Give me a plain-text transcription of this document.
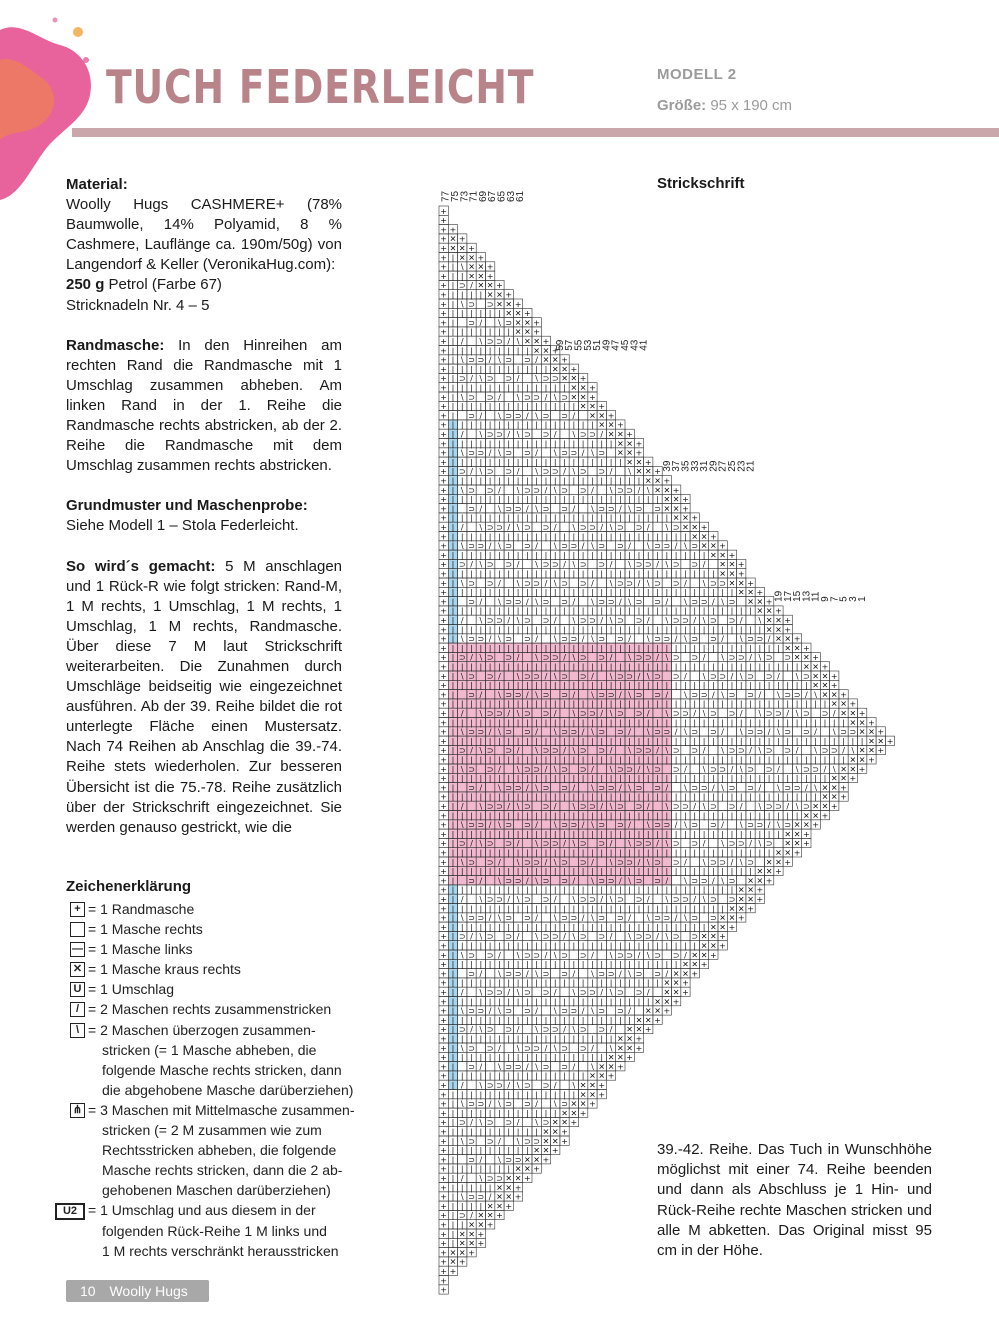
TUCH FEDERLEICHT	MODELL 2
Größe: 95 x 190 cm

Material:
Woolly Hugs CASHMERE+ (78% Baumwolle, 14% Polyamid, 8 % Cashmere, Lauflänge ca. 190m/50g) von Langendorf & Keller (VeronikaHug.com):
250 g Petrol (Farbe 67)
Stricknadeln Nr. 4 – 5

Randmasche: In den Hinreihen am rechten Rand die Randmasche mit 1 Umschlag zusammen abheben. Am linken Rand in der 1. Reihe die Randmasche rechts abstricken, ab der 2. Reihe die Randmasche mit dem Umschlag zusammen rechts abstricken.

Grundmuster und Maschenprobe:
Siehe Modell 1 – Stola Federleicht.

So wird´s gemacht: 5 M anschlagen und 1 Rück-R wie folgt stricken: Rand-M, 1 M rechts, 1 Umschlag, 1 M rechts, 1 Umschlag, 1 M rechts, Randmasche. Über diese 7 M laut Strickschrift weiterarbeiten. Die Zunahmen durch Umschläge beidseitig wie eingezeichnet ausführen. Ab der 39. Reihe bildet die rot unterlegte Fläche einen Mustersatz. Nach 74 Reihen ab Anschlag die 39.-74. Reihe stets wiederholen. Zur besseren Übersicht ist die 75.-78. Reihe zusätzlich über der Strickschrift eingezeichnet. Sie werden genauso gestrickt, wie die

Zeichenerklärung
+ = 1 Randmasche
= 1 Masche rechts
— = 1 Masche links
✕ = 1 Masche kraus rechts
U = 1 Umschlag
/ = 2 Maschen rechts zusammenstricken
\ = 2 Maschen überzogen zusammen-
stricken (= 1 Masche abheben, die
folgende Masche rechts stricken, dann
die abgehobene Masche darüberziehen)
⋔ = 3 Maschen mit Mittelmasche zusammen-
stricken (= 2 M zusammen wie zum
Rechtsstricken abheben, die folgende
Masche rechts stricken, dann die 2 ab-
gehobenen Maschen darüberziehen)
U2 = 1 Umschlag und aus diesem in der
folgenden Rück-Reihe 1 M links und
1 M rechts verschränkt herausstricken
10 Woolly Hugs
Strickschrift
+
+
+ +
+ ✕ +
+ ✕ ✕ +
+ | ✕ ✕ +
+ | \ ✕ ✕ +
+ | | ✕ ✕ +
+ | ⊃ / ✕ ✕ +
+ | | | | ✕ ✕ +
+ | \ ⊃ ⊃ ✕ ✕ +
+ | | | | | | ✕ ✕ +
+ | ⊃ / \ ⊃ ✕ ✕ +
+ | | | | | | | ✕ ✕ +
+ | / \ ⊃ ⊃ / \ ✕ ✕ +
+ | | | | | | | | | ✕ ✕ +
+ | \ ⊃ ⊃ / \ ⊃ ⊃ / ✕ ✕ +
+ | | | | | | | | | | | ✕ ✕ +
+ | ⊃ / \ ⊃ ⊃ / \ ⊃ ⊃ ✕ ✕ +
+ | | | | | | | | | | | | | ✕ ✕ +
+ | \ ⊃ ⊃ / \ ⊃ ⊃ / \ ⊃ ✕ ✕ +
+ | | | | | | | | | | | | | | ✕ ✕ +
+ | ⊃ / \ ⊃ ⊃ / \ ⊃ ⊃ / ✕ ✕ +
+ | | | | | | | | | | | | | | | | ✕ ✕ +
+ | / \ ⊃ ⊃ / \ ⊃ ⊃ / \ ⊃ ⊃ / ✕ ✕ +
+ | | | | | | | | | | | | | | | | | | ✕ ✕ +
+ | \ ⊃ ⊃ / \ ⊃ ⊃ / \ ⊃ ⊃ / \ ⊃ ✕ ✕ +
+ | | | | | | | | | | | | | | | | | | | ✕ ✕ +
+ | ⊃ / \ ⊃ ⊃ / \ ⊃ ⊃ / \ ⊃ ⊃ / \ ✕ ✕ +
+ | | | | | | | | | | | | | | | | | | | | | ✕ ✕ +
+ | \ ⊃ ⊃ / \ ⊃ ⊃ / \ ⊃ ⊃ / \ ⊃ ⊃ / \ ✕ ✕ +
+ | | | | | | | | | | | | | | | | | | | | | | | ✕ ✕ +
+ | ⊃ / \ ⊃ ⊃ / \ ⊃ ⊃ / \ ⊃ ⊃ / \ ⊃ ⊃ ✕ ✕ +
+ | | | | | | | | | | | | | | | | | | | | | | | | ✕ ✕ +
+ | / \ ⊃ ⊃ / \ ⊃ ⊃ / \ ⊃ ⊃ / \ ⊃ ⊃ / \ ⊃ ✕ ✕ +
+ | | | | | | | | | | | | | | | | | | | | | | | | | | ✕ ✕ +
+ | \ ⊃ ⊃ / \ ⊃ ⊃ / \ ⊃ ⊃ / \ ⊃ ⊃ / \ ⊃ ⊃ / \ ⊃ ✕ ✕ +
+ | | | | | | | | | | | | | | | | | | | | | | | | | | | | ✕ ✕ +
+ | ⊃ / \ ⊃ ⊃ / \ ⊃ ⊃ / \ ⊃ ⊃ / \ ⊃ ⊃ / \ ⊃ ⊃ / ✕ ✕ +
+ | | | | | | | | | | | | | | | | | | | | | | | | | | | | | ✕ ✕ +
+ | \ ⊃ ⊃ / \ ⊃ ⊃ / \ ⊃ ⊃ / \ ⊃ ⊃ / \ ⊃ ⊃ / \ ⊃ ⊃ ✕ ✕ +
+ | | | | | | | | | | | | | | | | | | | | | | | | | | | | | | | ✕ ✕ +
+ | ⊃ / \ ⊃ ⊃ / \ ⊃ ⊃ / \ ⊃ ⊃ / \ ⊃ ⊃ / \ ⊃ ⊃ / \ ⊃ ✕ ✕ +
+ | | | | | | | | | | | | | | | | | | | | | | | | | | | | | | | | | ✕ ✕ +
+ | / \ ⊃ ⊃ / \ ⊃ ⊃ / \ ⊃ ⊃ / \ ⊃ ⊃ / \ ⊃ ⊃ / \ ⊃ ⊃ / \ ✕ ✕ +
+ | | | | | | | | | | | | | | | | | | | | | | | | | | | | | | | | | | ✕ ✕ +
+ | \ ⊃ ⊃ / \ ⊃ ⊃ / \ ⊃ ⊃ / \ ⊃ ⊃ / \ ⊃ ⊃ / \ ⊃ ⊃ / \ ⊃ ⊃ / ✕ ✕ +
+ | | | | | | | | | | | | | | | | | | | | | | | | | | | | | | | | | | | | ✕ ✕ +
+ | ⊃ / \ ⊃ ⊃ / \ ⊃ ⊃ / \ ⊃ ⊃ / \ ⊃ ⊃ / \ ⊃ ⊃ / \ ⊃ ⊃ / \ ⊃ ⊃ ✕ ✕ +
+ | | | | | | | | | | | | | | | | | | | | | | | | | | | | | | | | | | | | | | ✕ ✕ +
+ | \ ⊃ ⊃ / \ ⊃ ⊃ / \ ⊃ ⊃ / \ ⊃ ⊃ / \ ⊃ ⊃ / \ ⊃ ⊃ / \ ⊃ ⊃ / \ ⊃ ✕ ✕ +
+ | | | | | | | | | | | | | | | | | | | | | | | | | | | | | | | | | | | | | | | ✕ ✕ +
+ | ⊃ / \ ⊃ ⊃ / \ ⊃ ⊃ / \ ⊃ ⊃ / \ ⊃ ⊃ / \ ⊃ ⊃ / \ ⊃ ⊃ / \ ⊃ ⊃ / \ ✕ ✕ +
+ | | | | | | | | | | | | | | | | | | | | | | | | | | | | | | | | | | | | | | | | | ✕ ✕ +
+ | / \ ⊃ ⊃ / \ ⊃ ⊃ / \ ⊃ ⊃ / \ ⊃ ⊃ / \ ⊃ ⊃ / \ ⊃ ⊃ / \ ⊃ ⊃ / \ ⊃ ⊃ / ✕ ✕ +
+ | | | | | | | | | | | | | | | | | | | | | | | | | | | | | | | | | | | | | | | | | | | ✕ ✕ +
+ | \ ⊃ ⊃ / \ ⊃ ⊃ / \ ⊃ ⊃ / \ ⊃ ⊃ / \ ⊃ ⊃ / \ ⊃ ⊃ / \ ⊃ ⊃ / \ ⊃ ⊃ / \ ⊃ ⊃ ✕ ✕ +
+ | | | | | | | | | | | | | | | | | | | | | | | | | | | | | | | | | | | | | | | | | | | | | ✕ ✕ +
+ | ⊃ / \ ⊃ ⊃ / \ ⊃ ⊃ / \ ⊃ ⊃ / \ ⊃ ⊃ / \ ⊃ ⊃ / \ ⊃ ⊃ / \ ⊃ ⊃ / \ ⊃ ⊃ / \ ✕ ✕ +
+ | | | | | | | | | | | | | | | | | | | | | | | | | | | | | | | | | | | | | | | | | | | ✕ ✕ +
+ | \ ⊃ ⊃ / \ ⊃ ⊃ / \ ⊃ ⊃ / \ ⊃ ⊃ / \ ⊃ ⊃ / \ ⊃ ⊃ / \ ⊃ ⊃ / \ ⊃ ⊃ / \ ✕ ✕ +
+ | | | | | | | | | | | | | | | | | | | | | | | | | | | | | | | | | | | | | | | | | ✕ ✕ +
+ | ⊃ / \ ⊃ ⊃ / \ ⊃ ⊃ / \ ⊃ ⊃ / \ ⊃ ⊃ / \ ⊃ ⊃ / \ ⊃ ⊃ / \ ⊃ ⊃ / \ ✕ ✕ +
+ | | | | | | | | | | | | | | | | | | | | | | | | | | | | | | | | | | | | | | | | ✕ ✕ +
+ | / \ ⊃ ⊃ / \ ⊃ ⊃ / \ ⊃ ⊃ / \ ⊃ ⊃ / \ ⊃ ⊃ / \ ⊃ ⊃ / \ ⊃ ⊃ / \ ⊃ ✕ ✕ +
+ | | | | | | | | | | | | | | | | | | | | | | | | | | | | | | | | | | | | | | ✕ ✕ +
+ | \ ⊃ ⊃ / \ ⊃ ⊃ / \ ⊃ ⊃ / \ ⊃ ⊃ / \ ⊃ ⊃ / \ ⊃ ⊃ / \ ⊃ ⊃ / \ ⊃ ✕ ✕ +
+ | | | | | | | | | | | | | | | | | | | | | | | | | | | | | | | | | | | | ✕ ✕ +
+ | ⊃ / \ ⊃ ⊃ / \ ⊃ ⊃ / \ ⊃ ⊃ / \ ⊃ ⊃ / \ ⊃ ⊃ / \ ⊃ ⊃ / \ ⊃ ✕ ✕ +
+ | | | | | | | | | | | | | | | | | | | | | | | | | | | | | | | | | | | ✕ ✕ +
+ | \ ⊃ ⊃ / \ ⊃ ⊃ / \ ⊃ ⊃ / \ ⊃ ⊃ / \ ⊃ ⊃ / \ ⊃ ⊃ / \ ⊃ ✕ ✕ +
+ | | | | | | | | | | | | | | | | | | | | | | | | | | | | | | | | | ✕ ✕ +
+ | ⊃ / \ ⊃ ⊃ / \ ⊃ ⊃ / \ ⊃ ⊃ / \ ⊃ ⊃ / \ ⊃ ⊃ / \ ⊃ ✕ ✕ +
+ | | | | | | | | | | | | | | | | | | | | | | | | | | | | | | | ✕ ✕ +
+ | / \ ⊃ ⊃ / \ ⊃ ⊃ / \ ⊃ ⊃ / \ ⊃ ⊃ / \ ⊃ ⊃ / \ ⊃ ⊃ ✕ ✕ +
+ | | | | | | | | | | | | | | | | | | | | | | | | | | | | | | ✕ ✕ +
+ | \ ⊃ ⊃ / \ ⊃ ⊃ / \ ⊃ ⊃ / \ ⊃ ⊃ / \ ⊃ ⊃ / \ ⊃ ⊃ ✕ ✕ +
+ | | | | | | | | | | | | | | | | | | | | | | | | | | | | ✕ ✕ +
+ | ⊃ / \ ⊃ ⊃ / \ ⊃ ⊃ / \ ⊃ ⊃ / \ ⊃ ⊃ / \ ⊃ ⊃ ✕ ✕ +
+ | | | | | | | | | | | | | | | | | | | | | | | | | | | ✕ ✕ +
+ | \ ⊃ ⊃ / \ ⊃ ⊃ / \ ⊃ ⊃ / \ ⊃ ⊃ / \ ⊃ ⊃ / ✕ ✕ +
+ | | | | | | | | | | | | | | | | | | | | | | | | | ✕ ✕ +
+ | ⊃ / \ ⊃ ⊃ / \ ⊃ ⊃ / \ ⊃ ⊃ / \ ⊃ ⊃ / ✕ ✕ +
+ | | | | | | | | | | | | | | | | | | | | | | | ✕ ✕ +
+ | / \ ⊃ ⊃ / \ ⊃ ⊃ / \ ⊃ ⊃ / \ ⊃ ⊃ / ✕ ✕ +
+ | | | | | | | | | | | | | | | | | | | | | | ✕ ✕ +
+ | \ ⊃ ⊃ / \ ⊃ ⊃ / \ ⊃ ⊃ / \ ⊃ ⊃ / ✕ ✕ +
+ | | | | | | | | | | | | | | | | | | | | ✕ ✕ +
+ | ⊃ / \ ⊃ ⊃ / \ ⊃ ⊃ / \ ⊃ ⊃ / ✕ ✕ +
+ | | | | | | | | | | | | | | | | | | ✕ ✕ +
+ | \ ⊃ ⊃ / \ ⊃ ⊃ / \ ⊃ ⊃ / \ ✕ ✕ +
+ | | | | | | | | | | | | | | | | | ✕ ✕ +
+ | ⊃ / \ ⊃ ⊃ / \ ⊃ ⊃ / \ ✕ ✕ +
+ | | | | | | | | | | | | | | | ✕ ✕ +
+ | / \ ⊃ ⊃ / \ ⊃ ⊃ / \ ✕ ✕ +
+ | | | | | | | | | | | | | | ✕ ✕ +
+ | \ ⊃ ⊃ / \ ⊃ ⊃ / \ ⊃ ✕ ✕ +
+ | | | | | | | | | | | | ✕ ✕ +
+ | ⊃ / \ ⊃ ⊃ / \ ⊃ ✕ ✕ +
+ | | | | | | | | | | ✕ ✕ +
+ | \ ⊃ ⊃ / \ ⊃ ⊃ ✕ ✕ +
+ | | | | | | | | | ✕ ✕ +
+ | ⊃ / \ ⊃ ⊃ ✕ ✕ +
+ | | | | | | | ✕ ✕ +
+ | / \ ⊃ ⊃ ✕ ✕ +
+ | | | | | ✕ ✕ +
+ | \ ⊃ ⊃ / ✕ ✕ +
+ | | | | ✕ ✕ +
+ | ⊃ / ✕ ✕ +
+ | | ✕ ✕ +
+ | ✕ ✕ +
+ | ✕ ✕ +
+ ✕ ✕ +
+ ✕ +
+ +
+
+
77
75
73
71
69
67
65
63
61
59
57
55
53
51
49
47
45
43
41
39
37
35
33
31
29
27
25
23
21
19
17
15
13
11
9
7
5
3
1
39.-42. Reihe. Das Tuch in Wunschhöhe möglichst mit einer 74. Reihe beenden und dann als Abschluss je 1 Hin- und Rück-Reihe rechte Maschen stricken und alle M abketten. Das Original misst 95 cm in der Höhe.
